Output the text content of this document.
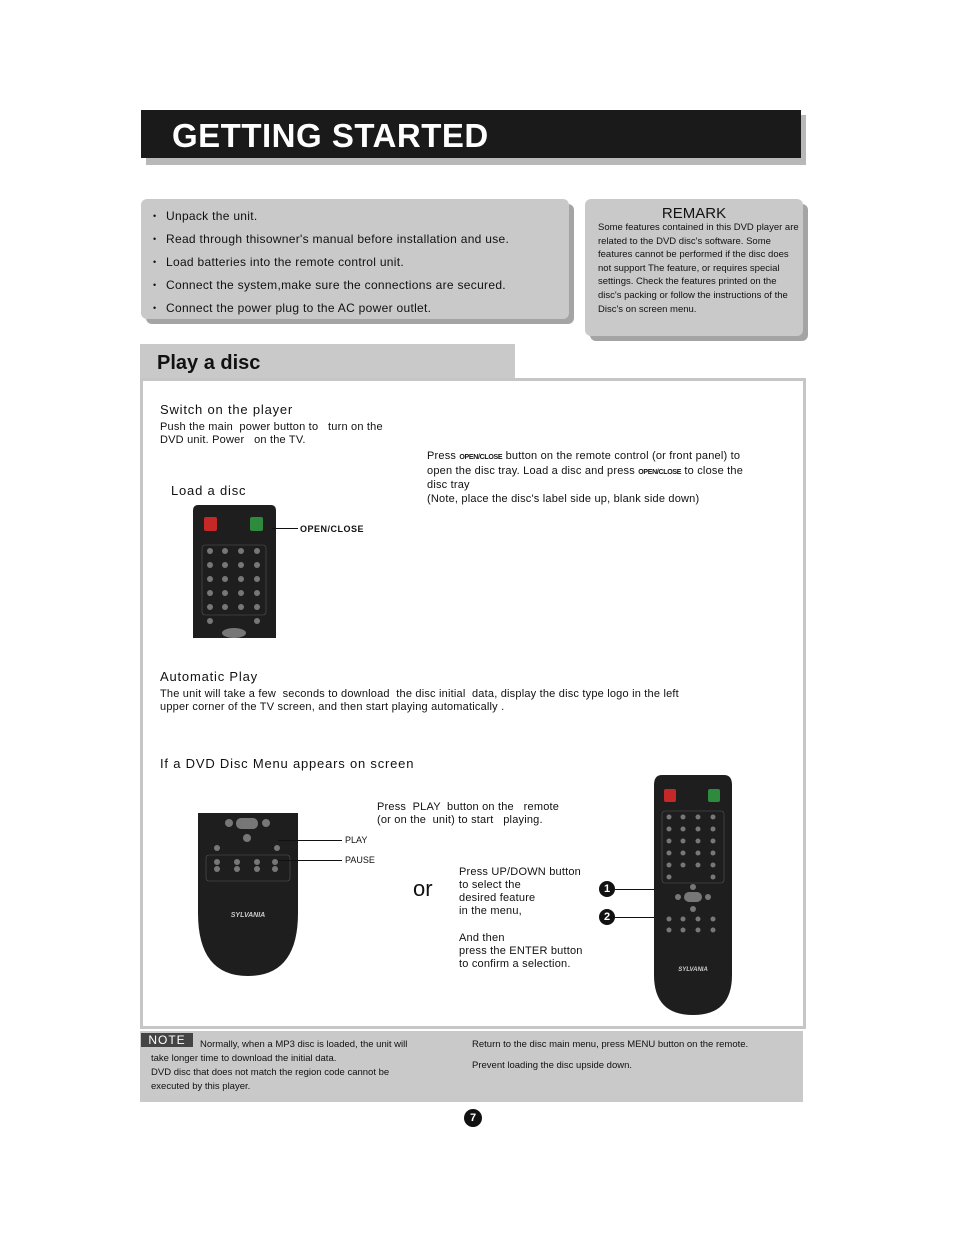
GETTING STARTED
• Unpack the unit.
• Read through thisowner's manual before installation and use.
• Load batteries into the remote control unit.
• Connect the system,make sure the connections are secured.
• Connect the power plug to the AC power outlet.
REMARK
Some features contained in this DVD player are related to the DVD disc's software. Some features cannot be performed if the disc does not support The feature, or requires special settings. Check the features printed on the disc's packing or follow the instructions of the Disc's on screen menu.
Play a disc
Switch on the player
Push the main  power button to   turn on the
DVD unit. Power   on the TV.
Press OPEN/CLOSE button on the remote control (or front panel) to open the disc tray. Load a disc and press OPEN/CLOSE to close the disc tray
(Note, place the disc's label side up, blank side down)
Load a disc
OPEN/CLOSE
Automatic Play
The unit will take a few  seconds to download  the disc initial  data, display the disc type logo in the left
upper corner of the TV screen, and then start playing automatically .
If a DVD Disc Menu appears on screen
Press  PLAY  button on the   remote
(or on the  unit) to start   playing.
SYLVANIA
PLAY
PAUSE
or
Press UP/DOWN button
to select the
desired feature
in the menu,
And then
press the ENTER button
to confirm a selection.
1
2
SYLVANIA
NOTE	Normally, when a MP3 disc is loaded, the unit will
take longer time to download the initial data.
DVD disc that does not match the region code cannot be
executed by this player.
Return to the disc main menu, press MENU button on the remote.
Prevent loading the disc upside down.
7
